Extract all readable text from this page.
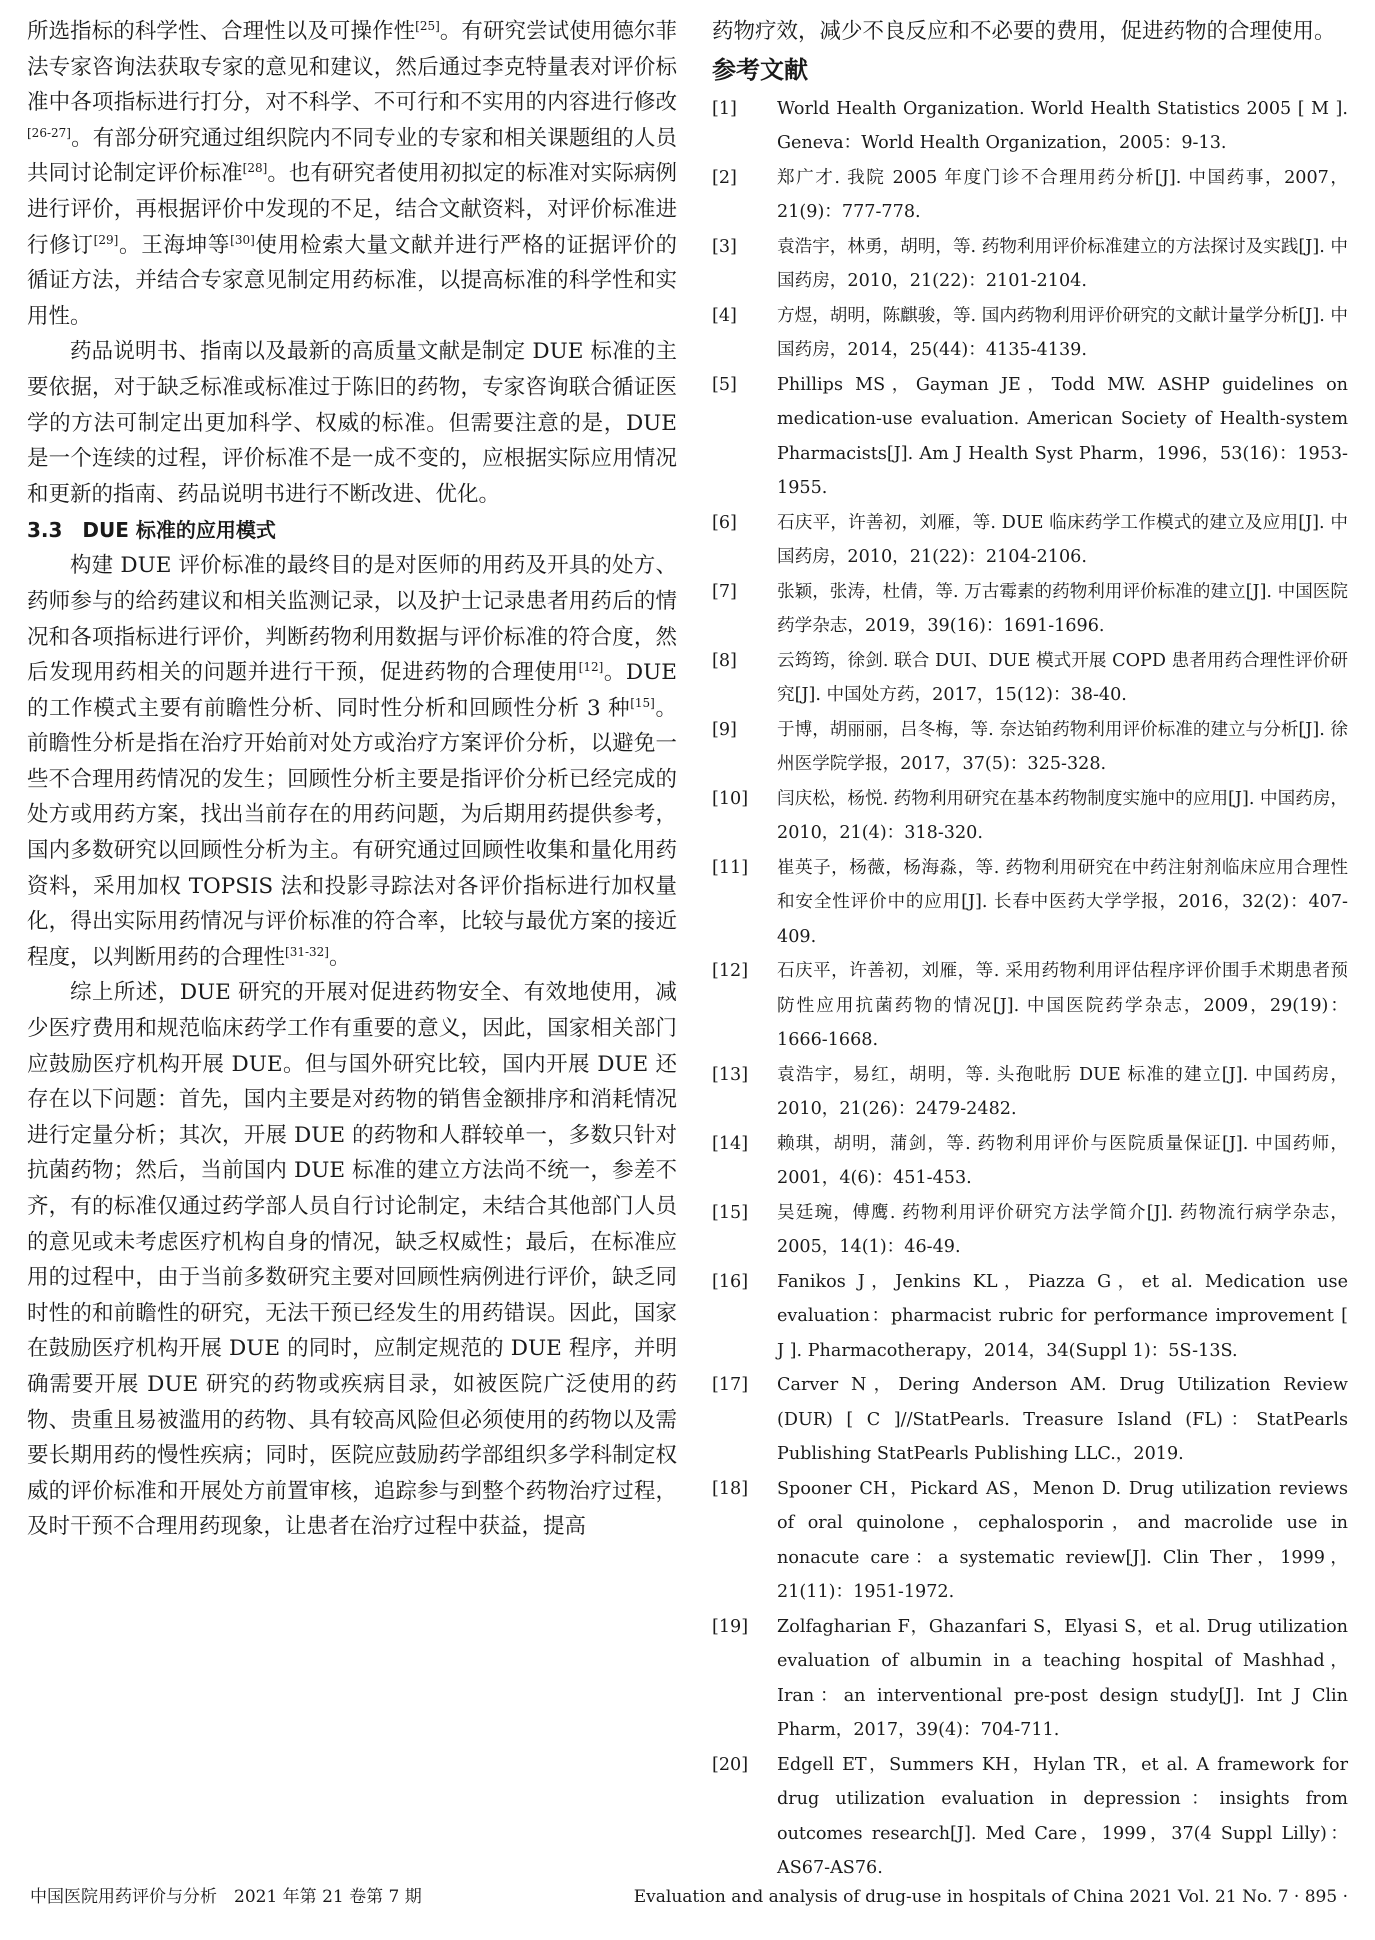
所选指标的科学性、合理性以及可操作性[25]。有研究尝试使用德尔菲法专家咨询法获取专家的意见和建议，然后通过李克特量表对评价标准中各项指标进行打分，对不科学、不可行和不实用的内容进行修改[26-27]。有部分研究通过组织院内不同专业的专家和相关课题组的人员共同讨论制定评价标准[28]。也有研究者使用初拟定的标准对实际病例进行评价，再根据评价中发现的不足，结合文献资料，对评价标准进行修订[29]。王海坤等[30]使用检索大量文献并进行严格的证据评价的循证方法，并结合专家意见制定用药标准，以提高标准的科学性和实用性。

药品说明书、指南以及最新的高质量文献是制定 DUE 标准的主要依据，对于缺乏标准或标准过于陈旧的药物，专家咨询联合循证医学的方法可制定出更加科学、权威的标准。但需要注意的是，DUE 是一个连续的过程，评价标准不是一成不变的，应根据实际应用情况和更新的指南、药品说明书进行不断改进、优化。

3.3　DUE 标准的应用模式

构建 DUE 评价标准的最终目的是对医师的用药及开具的处方、药师参与的给药建议和相关监测记录，以及护士记录患者用药后的情况和各项指标进行评价，判断药物利用数据与评价标准的符合度，然后发现用药相关的问题并进行干预，促进药物的合理使用[12]。DUE 的工作模式主要有前瞻性分析、同时性分析和回顾性分析 3 种[15]。前瞻性分析是指在治疗开始前对处方或治疗方案评价分析，以避免一些不合理用药情况的发生；回顾性分析主要是指评价分析已经完成的处方或用药方案，找出当前存在的用药问题，为后期用药提供参考，国内多数研究以回顾性分析为主。有研究通过回顾性收集和量化用药资料，采用加权 TOPSIS 法和投影寻踪法对各评价指标进行加权量化，得出实际用药情况与评价标准的符合率，比较与最优方案的接近程度，以判断用药的合理性[31-32]。

综上所述，DUE 研究的开展对促进药物安全、有效地使用，减少医疗费用和规范临床药学工作有重要的意义，因此，国家相关部门应鼓励医疗机构开展 DUE。但与国外研究比较，国内开展 DUE 还存在以下问题：首先，国内主要是对药物的销售金额排序和消耗情况进行定量分析；其次，开展 DUE 的药物和人群较单一，多数只针对抗菌药物；然后，当前国内 DUE 标准的建立方法尚不统一，参差不齐，有的标准仅通过药学部人员自行讨论制定，未结合其他部门人员的意见或未考虑医疗机构自身的情况，缺乏权威性；最后，在标准应用的过程中，由于当前多数研究主要对回顾性病例进行评价，缺乏同时性的和前瞻性的研究，无法干预已经发生的用药错误。因此，国家在鼓励医疗机构开展 DUE 的同时，应制定规范的 DUE 程序，并明确需要开展 DUE 研究的药物或疾病目录，如被医院广泛使用的药物、贵重且易被滥用的药物、具有较高风险但必须使用的药物以及需要长期用药的慢性疾病；同时，医院应鼓励药学部组织多学科制定权威的评价标准和开展处方前置审核，追踪参与到整个药物治疗过程，及时干预不合理用药现象，让患者在治疗过程中获益，提高

药物疗效，减少不良反应和不必要的费用，促进药物的合理使用。

参考文献

[1]	World Health Organization. World Health Statistics 2005 [ M ]. Geneva：World Health Organization，2005：9-13.
[2]	郑广才. 我院 2005 年度门诊不合理用药分析[J]. 中国药事，2007，21(9)：777-778.
[3]	袁浩宇，林勇，胡明，等. 药物利用评价标准建立的方法探讨及实践[J]. 中国药房，2010，21(22)：2101-2104.
[4]	方煜，胡明，陈麒骏，等. 国内药物利用评价研究的文献计量学分析[J]. 中国药房，2014，25(44)：4135-4139.
[5]	Phillips MS，Gayman JE，Todd MW. ASHP guidelines on medication-use evaluation. American Society of Health-system Pharmacists[J]. Am J Health Syst Pharm，1996，53(16)：1953-1955.
[6]	石庆平，许善初，刘雁，等. DUE 临床药学工作模式的建立及应用[J]. 中国药房，2010，21(22)：2104-2106.
[7]	张颖，张涛，杜倩，等. 万古霉素的药物利用评价标准的建立[J]. 中国医院药学杂志，2019，39(16)：1691-1696.
[8]	云筠筠，徐剑. 联合 DUI、DUE 模式开展 COPD 患者用药合理性评价研究[J]. 中国处方药，2017，15(12)：38-40.
[9]	于博，胡丽丽，吕冬梅，等. 奈达铂药物利用评价标准的建立与分析[J]. 徐州医学院学报，2017，37(5)：325-328.
[10]	闫庆松，杨悦. 药物利用研究在基本药物制度实施中的应用[J]. 中国药房，2010，21(4)：318-320.
[11]	崔英子，杨薇，杨海淼，等. 药物利用研究在中药注射剂临床应用合理性和安全性评价中的应用[J]. 长春中医药大学学报，2016，32(2)：407-409.
[12]	石庆平，许善初，刘雁，等. 采用药物利用评估程序评价围手术期患者预防性应用抗菌药物的情况[J]. 中国医院药学杂志，2009，29(19)：1666-1668.
[13]	袁浩宇，易红，胡明，等. 头孢吡肟 DUE 标准的建立[J]. 中国药房，2010，21(26)：2479-2482.
[14]	赖琪，胡明，蒲剑，等. 药物利用评价与医院质量保证[J]. 中国药师，2001，4(6)：451-453.
[15]	吴廷琬，傅鹰. 药物利用评价研究方法学简介[J]. 药物流行病学杂志，2005，14(1)：46-49.
[16]	Fanikos J，Jenkins KL，Piazza G，et al. Medication use evaluation：pharmacist rubric for performance improvement [ J ]. Pharmacotherapy，2014，34(Suppl 1)：5S-13S.
[17]	Carver N，Dering Anderson AM. Drug Utilization Review (DUR) [ C ]//StatPearls. Treasure Island (FL)：StatPearls Publishing StatPearls Publishing LLC.，2019.
[18]	Spooner CH，Pickard AS，Menon D. Drug utilization reviews of oral quinolone，cephalosporin，and macrolide use in nonacute care：a systematic review[J]. Clin Ther，1999，21(11)：1951-1972.
[19]	Zolfagharian F，Ghazanfari S，Elyasi S，et al. Drug utilization evaluation of albumin in a teaching hospital of Mashhad，Iran：an interventional pre-post design study[J]. Int J Clin Pharm，2017，39(4)：704-711.
[20]	Edgell ET，Summers KH，Hylan TR，et al. A framework for drug utilization evaluation in depression：insights from outcomes research[J]. Med Care，1999，37(4 Suppl Lilly)：AS67-AS76.
中国医院用药评价与分析　2021 年第 21 卷第 7 期	Evaluation and analysis of drug-use in hospitals of China 2021 Vol. 21 No. 7 · 895 ·
